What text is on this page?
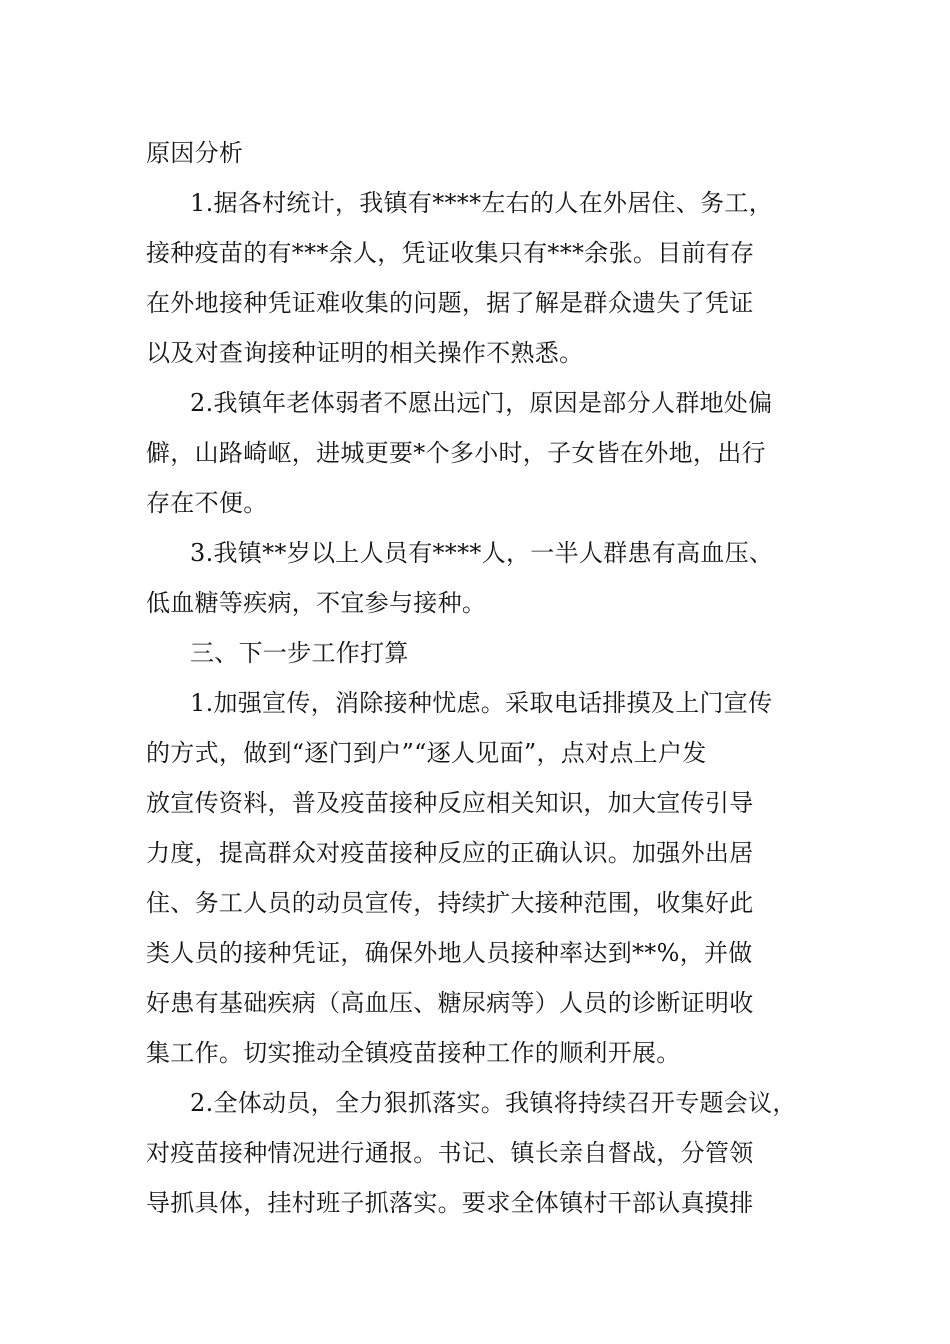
原因分析
1.据各村统计，我镇有****左右的人在外居住、务工，
接种疫苗的有***余人，凭证收集只有***余张。目前有存
在外地接种凭证难收集的问题，据了解是群众遗失了凭证
以及对查询接种证明的相关操作不熟悉。
2.我镇年老体弱者不愿出远门，原因是部分人群地处偏
僻，山路崎岖，进城更要*个多小时，子女皆在外地，出行
存在不便。
3.我镇**岁以上人员有****人，一半人群患有高血压、
低血糖等疾病，不宜参与接种。
三、下一步工作打算
1.加强宣传，消除接种忧虑。采取电话排摸及上门宣传
的方式，做到“逐门到户”“逐人见面”，点对点上户发
放宣传资料，普及疫苗接种反应相关知识，加大宣传引导
力度，提高群众对疫苗接种反应的正确认识。加强外出居
住、务工人员的动员宣传，持续扩大接种范围，收集好此
类人员的接种凭证，确保外地人员接种率达到**%，并做
好患有基础疾病（高血压、糖尿病等）人员的诊断证明收
集工作。切实推动全镇疫苗接种工作的顺利开展。
2.全体动员，全力狠抓落实。我镇将持续召开专题会议，
对疫苗接种情况进行通报。书记、镇长亲自督战，分管领
导抓具体，挂村班子抓落实。要求全体镇村干部认真摸排
